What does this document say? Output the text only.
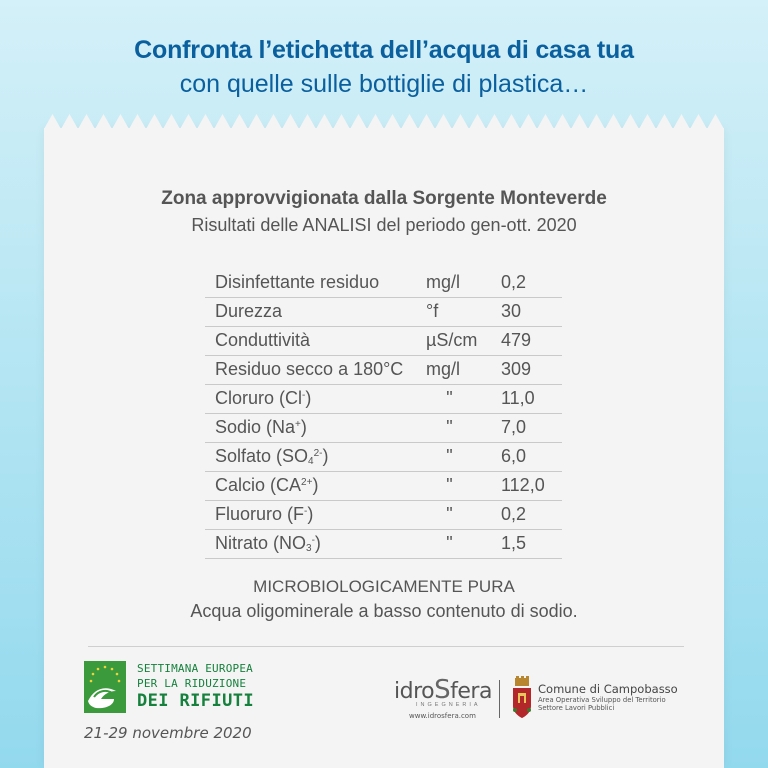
Confronta l’etichetta dell’acqua di casa tua
con quelle sulle bottiglie di plastica…
Zona approvvigionata dalla Sorgente Monteverde
Risultati delle ANALISI del periodo gen-ott. 2020
Disinfettante residuo	mg/l	0,2
Durezza	°f	30
Conduttività	µS/cm	479
Residuo secco a 180°C	mg/l	309
Cloruro (Cl-)	"	11,0
Sodio (Na+)	"	7,0
Solfato $(SO_4^{2-})$	"	6,0
Calcio $(CA^{2+})$	"	112,0
Fluoruro (F-)	"	0,2
Nitrato $(NO_3^-)$	"	1,5
MICROBIOLOGICAMENTE PURA
Acqua oligominerale a basso contenuto di sodio.
SETTIMANA EUROPEA
PER LA RIDUZIONE
DEI RIFIUTI
21-29 novembre 2020
idroSfera
INGEGNERIA
www.idrosfera.com
Comune di Campobasso
Area Operativa Sviluppo del Territorio
Settore Lavori Pubblici
